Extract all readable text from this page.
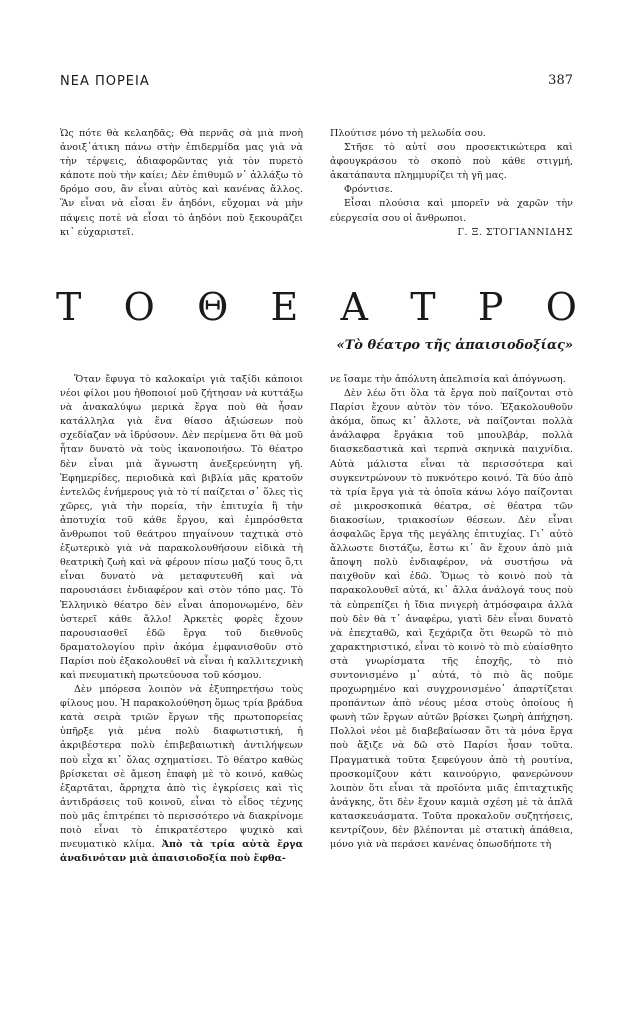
ΝΕΑ ΠΟΡΕΙΑ	387

Ὡς πότε θὰ κελαηδᾶς; Θὰ περνᾶς σὰ μιὰ πνοὴ ἀνοιξ᾽άτικη πάνω στὴν ἐπιδερμίδα μας γιὰ νὰ τὴν τέρψεις, ἀδιαφορῶντας γιὰ τὸν πυρετὸ κάποτε ποὺ τὴν καίει; Δὲν ἐπιθυμῶ ν᾽ ἀλλάξω τὸ δρόμο σου, ἂν εἶναι αὐτὸς καὶ κανένας ἄλλος. Ἂν εἶναι νὰ εἶσαι ἕν ἀηδόνι, εὔχομαι νὰ μὴν πάψεις ποτὲ νὰ εἶσαι τὸ ἀηδόνι ποὺ ξεκουράζει κι᾽ εὐχαριστεῖ.

Πλούτισε μόνο τὴ μελωδία σου.

Στῆσε τὸ αὐτί σου προσεκτικώτερα καὶ ἀφουγκράσου τὸ σκοπὸ ποὺ κάθε στιγμή, ἀκατάπαυτα πλημμυρίζει τὴ γῆ μας.

Φρόντισε.

Εἶσαι πλούσια καὶ μπορεῖν νὰ χαρῶν τὴν εὐεργεσία σου οἱ ἄνθρωποι.

Γ. Ξ. ΣΤΟΓΙΑΝΝΙΔΗΣ

Τ Ο Θ Ε Α Τ Ρ Ο
«Τὸ θέατρο τῆς ἀπαισιοδοξίας»

Ὅταν ἔφυγα τὸ καλοκαίρι γιὰ ταξίδι κάποιοι νέοι φίλοι μου ἠθοποιοί μοῦ ζήτησαν νὰ κυττάξω νὰ ἀνακαλύψω μερικὰ ἔργα ποὺ θὰ ἦσαν κατάλληλα γιὰ ἕνα θίασο ἀξιώσεων ποὺ σχεδίαζαν νὰ ἱδρύσουν. Δὲν περίμενα ὅτι θὰ μοῦ ἦταν δυνατὸ νὰ τοὺς ἱκανοποιήσω. Τὸ θέατρο δὲν εἶναι μιὰ ἄγνωστη ἀνεξερεύνητη γῆ. Ἐφημερίδες, περιοδικὰ καὶ βιβλία μᾶς κρατοῦν ἐντελῶς ἐνήμερους γιὰ τὸ τί παίζεται σ᾽ ὅλες τὶς χῶρες, γιὰ τὴν πορεία, τὴν ἐπιτυχία ἢ τὴν ἀποτυχία τοῦ κάθε ἔργου, καὶ ἐμπρόσθετα ἄνθρωποι τοῦ θεάτρου πηγαίνουν ταχτικὰ στὸ ἐξωτερικὸ γιὰ νὰ παρακολουθήσουν εἰδικὰ τὴ θεατρικὴ ζωὴ καὶ νὰ φέρουν πίσω μαζύ τους ὅ,τι εἶναι δυνατὸ νὰ μεταφυτευθῆ καὶ νὰ παρουσιάσει ἐνδιαφέρον καὶ στὸν τόπο μας. Τὸ Ἑλληνικὸ θέατρο δὲν εἶναι ἀπομονωμένο, δὲν ὑστερεῖ κάθε ἄλλο! Ἀρκετὲς φορὲς ἔχουν παρουσιασθεῖ ἐδῶ ἔργα τοῦ διεθνοῦς δραματολογίου πρὶν ἀκόμα ἐμφανισθοῦν στὸ Παρίσι ποὺ ἐξακολουθεῖ νὰ εἶναι ἡ καλλιτεχνικὴ καὶ πνευματικὴ πρωτεύουσα τοῦ κόσμου.

Δὲν μπόρεσα λοιπὸν νὰ ἐξυπηρετήσω τοὺς φίλους μου. Ἡ παρακολούθηση ὅμως τρία βράδυα κατὰ σειρὰ τριῶν ἔργων τῆς πρωτοπορείας ὑπῆρξε γιὰ μένα πολὺ διαφωτιστική, ἡ ἀκριβέστερα πολὺ ἐπιβεβαιωτικὴ ἀντιλήψεων ποὺ εἶχα κι᾽ ὅλας σχηματίσει. Τὸ θέατρο καθὼς βρίσκεται σὲ ἄμεση ἐπαφὴ μὲ τὸ κοινό, καθὼς ἐξαρτᾶται, ἄρρηχτα ἀπὸ τὶς ἐγκρίσεις καὶ τὶς ἀντιδράσεις τοῦ κοινοῦ, εἶναι τὸ εἶδος τέχνης ποὺ μᾶς ἐπιτρέπει τὸ περισσότερο νὰ διακρίνομε ποιὸ εἶναι τὸ ἐπικρατέστερο ψυχικὸ καὶ πνευματικὸ κλίμα. Ἀπὸ τὰ τρία αὐτὰ ἔργα ἀναδινόταν μιὰ ἀπαισιοδοξία ποὺ ἔφθα-

νε ἴσαμε τὴν ἀπόλυτη ἀπελπισία καὶ ἀπόγνωση.

Δὲν λέω ὅτι ὅλα τὰ ἔργα ποὺ παίζονται στὸ Παρίσι ἔχουν αὐτὸν τὸν τόνο. Ἐξακολουθοῦν ἀκόμα, ὅπως κι᾽ ἄλλοτε, νὰ παίζονται πολλὰ ἀνάλαφρα ἔργάκια τοῦ μπουλβάρ, πολλὰ διασκεδαστικὰ καὶ τερπνὰ σκηνικὰ παιχνίδια. Αὐτὰ μάλιστα εἶναι τὰ περισσότερα καὶ συγκεντρώνουν τὸ πυκνότερο κοινό. Τὰ δύο ἀπὸ τὰ τρία ἔργα γιὰ τὰ ὁποῖα κάνω λόγο παίζονται σὲ μικροσκοπικὰ θέατρα, σὲ θέατρα τῶν διακοσίων, τριακοσίων θέσεων. Δὲν εἶναι ἀσφαλῶς ἔργα τῆς μεγάλης ἐπιτυχίας. Γι᾽ αὐτὸ ἄλλωστε διστάζω, ἔστω κι᾽ ἂν ἔχουν ἀπὸ μιὰ ἄποψη πολὺ ἐνδιαφέρον, νὰ συστήσω νὰ παιχθοῦν καὶ ἐδῶ. Ὅμως τὸ κοινὸ ποὺ τὰ παρακολουθεῖ αὐτά, κι᾽ ἄλλα ἀνάλογά τους ποὺ τὰ εὐπρεπίζει ἡ ἴδια πνιγερὴ ἀτμόσφαιρα ἀλλὰ ποὺ δὲν θὰ τ᾽ ἀναφέρω, γιατὶ δὲν εἶναι δυνατὸ νὰ ἐπεχταθῶ, καὶ ξεχάριζα ὅτι θεωρῶ τὸ πιὸ χαρακτηριστικό, εἶναι τὸ κοινὸ τὸ πιὸ εὐαίσθητο στὰ γνωρίσματα τῆς ἐποχῆς, τὸ πιὸ συντονισμένο μ᾽ αὐτά, τὸ πιὸ ἂς ποῦμε προχωρημένο καὶ συγχρονισμένο᾽ ἀπαρτίζεται προπάντων ἀπὸ νέους μέσα στοὺς ὁποίους ἡ φωνὴ τῶν ἔργων αὐτῶν βρίσκει ζωηρὴ ἀπήχηση. Πολλοὶ νέοι μὲ διαβεβαίωσαν ὅτι τὰ μόνα ἔργα ποὺ ἄξιζε νὰ δῶ στὸ Παρίσι ἦσαν τοῦτα. Πραγματικὰ τοῦτα ξεφεύγουν ἀπὸ τὴ ρουτίνα, προσκομίζουν κάτι καινούργιο, φανερώνουν λοιπὸν ὅτι εἶναι τὰ προϊόντα μιᾶς ἐπιταχτικῆς ἀνάγκης, ὅτι δὲν ἔχουν καμιὰ σχέση μὲ τὰ ἁπλᾶ κατασκευάσματα. Τοῦτα προκαλοῦν συζητήσεις, κεντρίζουν, δὲν βλέπονται μὲ στατικὴ ἀπάθεια, μόνο γιὰ νὰ περάσει κανένας ὁπωσδήποτε τὴ
